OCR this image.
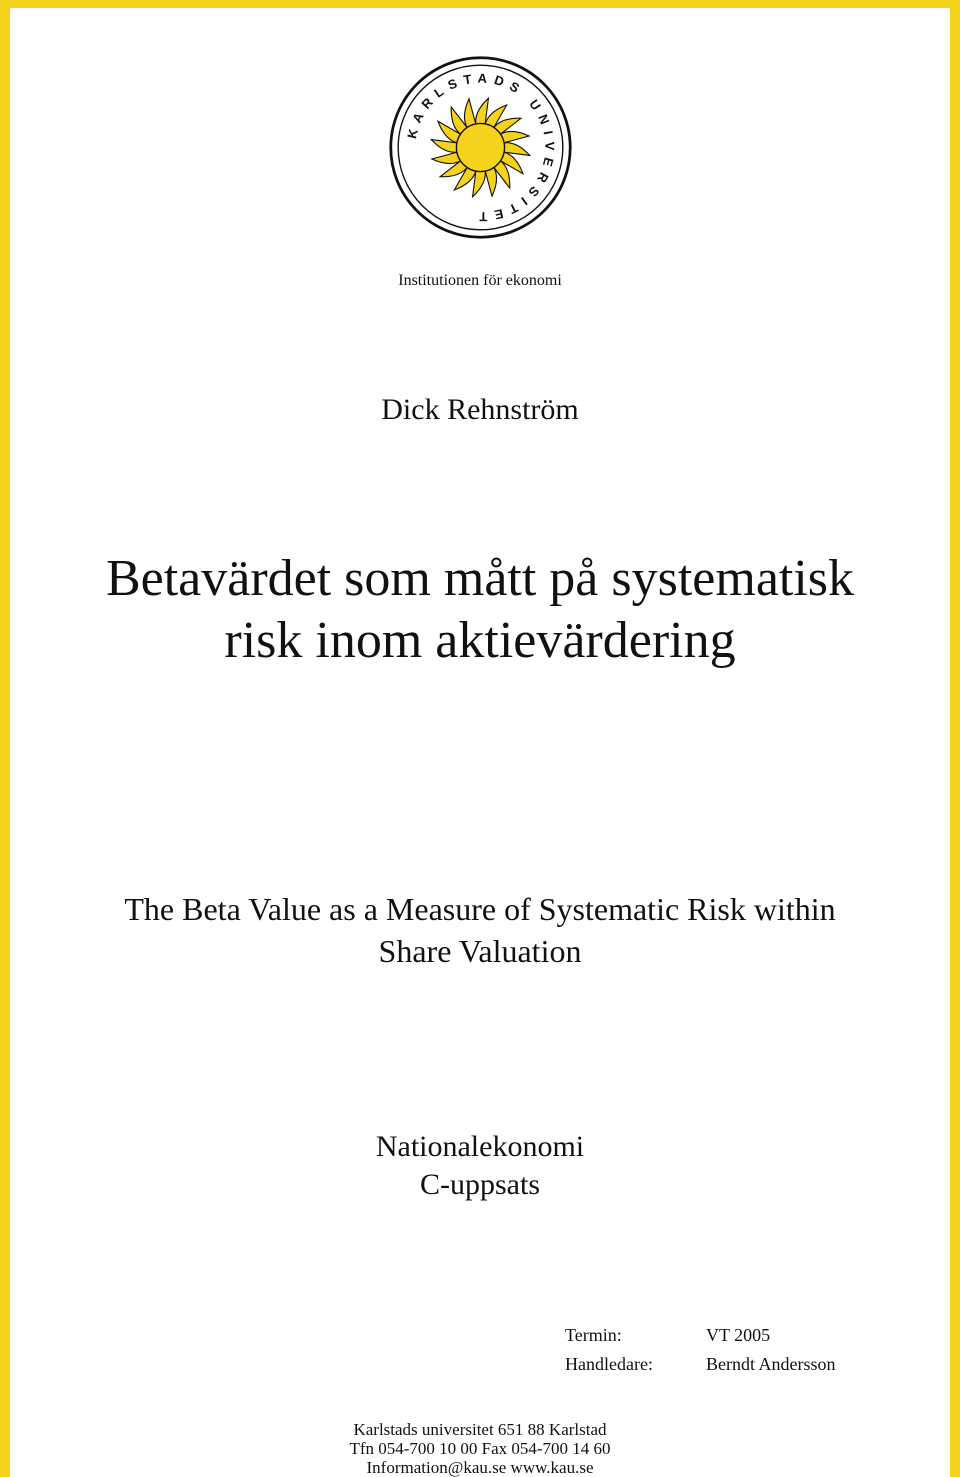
KARLSTADS UNIVERSITET
Institutionen för ekonomi
Dick Rehnström
Betavärdet som mått på systematisk
risk inom aktievärdering
The Beta Value as a Measure of Systematic Risk within
Share Valuation
Nationalekonomi
C-uppsats
Termin:	VT 2005
Handledare:	Berndt Andersson
Karlstads universitet 651 88 Karlstad
Tfn 054-700 10 00 Fax 054-700 14 60
Information@kau.se www.kau.se
